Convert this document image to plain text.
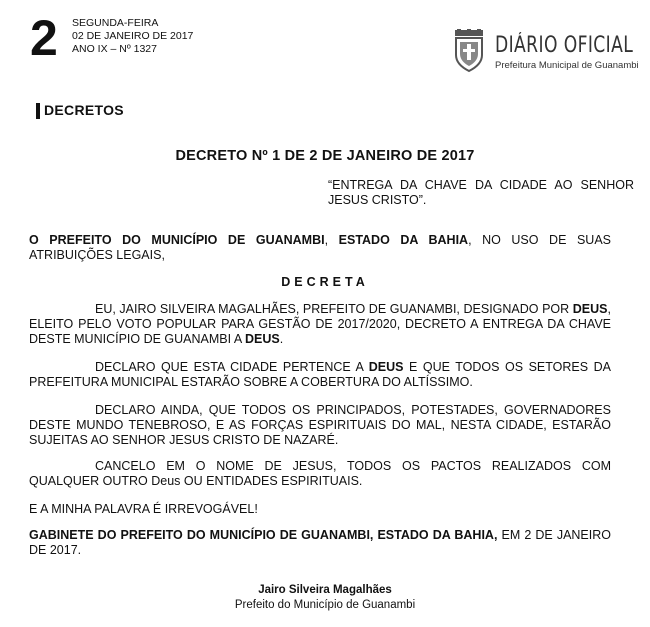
2 SEGUNDA-FEIRA
02 DE JANEIRO DE 2017
ANO IX – Nº 1327	DIÁRIO OFICIAL
Prefeitura Municipal de Guanambi
DECRETOS
DECRETO Nº 1 DE 2 DE JANEIRO DE 2017
“ENTREGA DA CHAVE DA CIDADE AO SENHOR JESUS CRISTO”.
O PREFEITO DO MUNICÍPIO DE GUANAMBI, ESTADO DA BAHIA, NO USO DE SUAS ATRIBUIÇÕES LEGAIS,
DECRETA
EU, JAIRO SILVEIRA MAGALHÃES, PREFEITO DE GUANAMBI, DESIGNADO POR DEUS, ELEITO PELO VOTO POPULAR PARA GESTÃO DE 2017/2020, DECRETO A ENTREGA DA CHAVE DESTE MUNICÍPIO DE GUANAMBI A DEUS.
DECLARO QUE ESTA CIDADE PERTENCE A DEUS E QUE TODOS OS SETORES DA PREFEITURA MUNICIPAL ESTARÃO SOBRE A COBERTURA DO ALTÍSSIMO.
DECLARO AINDA, QUE TODOS OS PRINCIPADOS, POTESTADES, GOVERNADORES DESTE MUNDO TENEBROSO, E AS FORÇAS ESPIRITUAIS DO MAL, NESTA CIDADE, ESTARÃO SUJEITAS AO SENHOR JESUS CRISTO DE NAZARÉ.
CANCELO EM O NOME DE JESUS, TODOS OS PACTOS REALIZADOS COM QUALQUER OUTRO Deus OU ENTIDADES ESPIRITUAIS.
E A MINHA PALAVRA É IRREVOGÁVEL!
GABINETE DO PREFEITO DO MUNICÍPIO DE GUANAMBI, ESTADO DA BAHIA, EM 2 DE JANEIRO DE 2017.
Jairo Silveira Magalhães
Prefeito do Município de Guanambi
